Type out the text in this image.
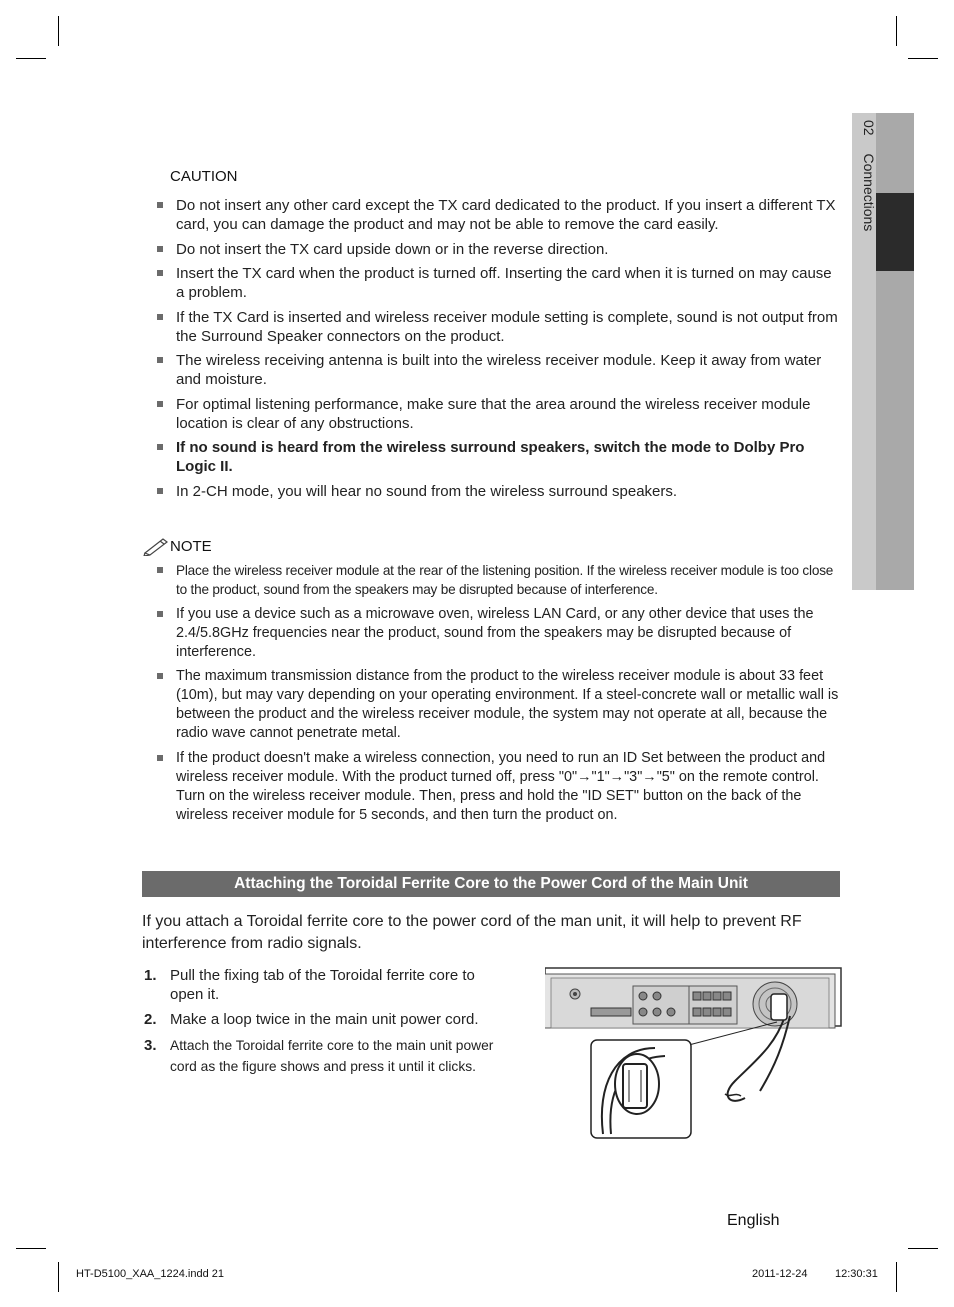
02 Connections
CAUTION
Do not insert any other card except the TX card dedicated to the product. If you insert a different TX card, you can damage the product and may not be able to remove the card easily.
Do not insert the TX card upside down or in the reverse direction.
Insert the TX card when the product is turned off. Inserting the card when it is turned on may cause a problem.
If the TX Card is inserted and wireless receiver module setting is complete, sound is not output from the Surround Speaker connectors on the product.
The wireless receiving antenna is built into the wireless receiver module. Keep it away from water and moisture.
For optimal listening performance, make sure that the area around the wireless receiver module location is clear of any obstructions.
If no sound is heard from the wireless surround speakers, switch the mode to Dolby Pro Logic II.
In 2-CH mode, you will hear no sound from the wireless surround speakers.
NOTE
Place the wireless receiver module at the rear of the listening position. If the wireless receiver module is too close to the product, sound from the speakers may be disrupted because of interference.
If you use a device such as a microwave oven, wireless LAN Card, or any other device that uses the 2.4/5.8GHz frequencies near the product, sound from the speakers may be disrupted because of interference.
The maximum transmission distance from the product to the wireless receiver module is about 33 feet (10m), but may vary depending on your operating environment. If a steel-concrete wall or metallic wall is between the product and the wireless receiver module, the system may not operate at all, because the radio wave cannot penetrate metal.
If the product doesn't make a wireless connection, you need to run an ID Set between the product and wireless receiver module. With the product turned off, press "0"→"1"→"3"→"5" on the remote control. Turn on the wireless receiver module. Then, press and hold the "ID SET" button on the back of the wireless receiver module for 5 seconds, and then turn the product on.
Attaching the Toroidal Ferrite Core to the Power Cord of the Main Unit
If you attach a Toroidal ferrite core to the power cord of the man unit, it will help to prevent RF interference from radio signals.
1. Pull the fixing tab of the Toroidal ferrite core to open it.
2. Make a loop twice in the main unit power cord.
3. Attach the Toroidal ferrite core to the main unit power cord as the figure shows and press it until it clicks.
English
HT-D5100_XAA_1224.indd 21	2011-12-24	12:30:31
